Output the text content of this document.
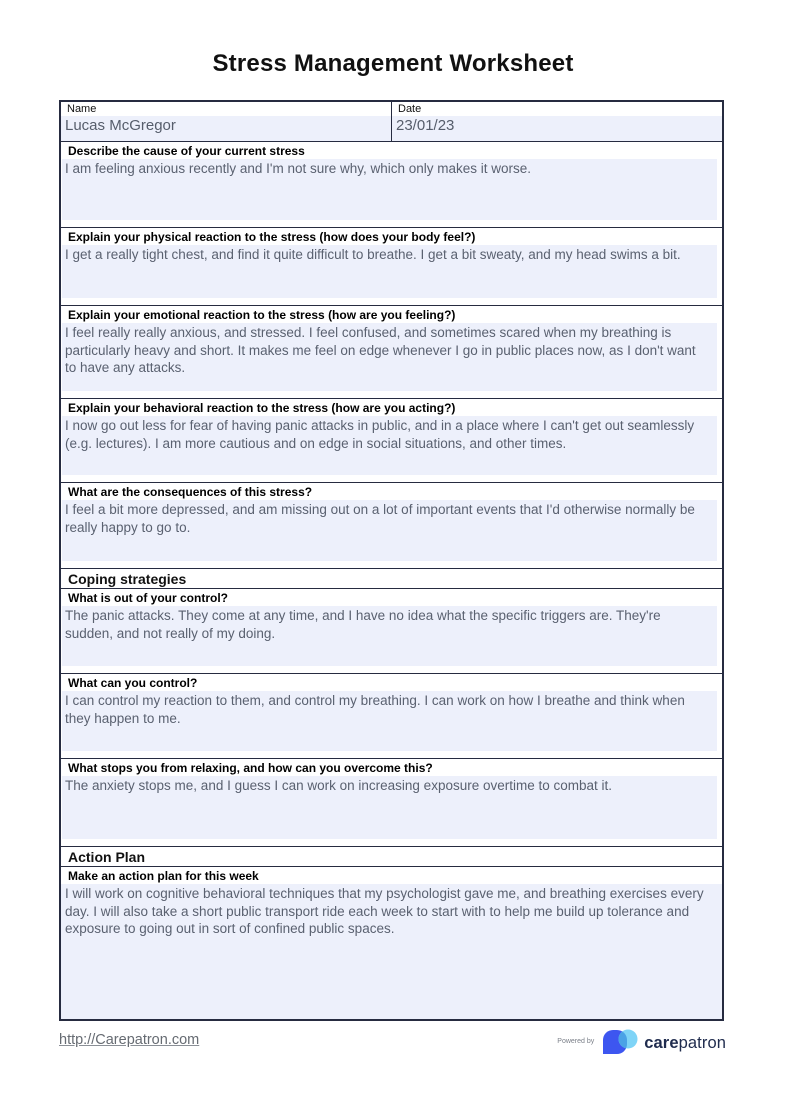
Stress Management Worksheet
Name
Lucas McGregor
Date
23/01/23
Describe the cause of your current stress
I am feeling anxious recently and I'm not sure why, which only makes it worse.
Explain your physical reaction to the stress (how does your body feel?)
I get a really tight chest, and find it quite difficult to breathe. I get a bit sweaty, and my head swims a bit.
Explain your emotional reaction to the stress (how are you feeling?)
I feel really really anxious, and stressed. I feel confused, and sometimes scared when my breathing is particularly heavy and short. It makes me feel on edge whenever I go in public places now, as I don't want to have any attacks.
Explain your behavioral reaction to the stress (how are you acting?)
I now go out less for fear of having panic attacks in public, and in a place where I can't get out seamlessly (e.g. lectures). I am more cautious and on edge in social situations, and other times.
What are the consequences of this stress?
I feel a bit more depressed, and am missing out on a lot of important events that I'd otherwise normally be really happy to go to.
Coping strategies
What is out of your control?
The panic attacks. They come at any time, and I have no idea what the specific triggers are. They're sudden, and not really of my doing.
What can you control?
I can control my reaction to them, and control my breathing. I can work on how I breathe and think when they happen to me.
What stops you from relaxing, and how can you overcome this?
The anxiety stops me, and I guess I can work on increasing exposure overtime to combat it.
Action Plan
Make an action plan for this week
I will work on cognitive behavioral techniques that my psychologist gave me, and breathing exercises every day. I will also take a short public transport ride each week to start with to help me build up tolerance and exposure to going out in sort of confined public spaces.
http://Carepatron.com	Powered by	carepatron
